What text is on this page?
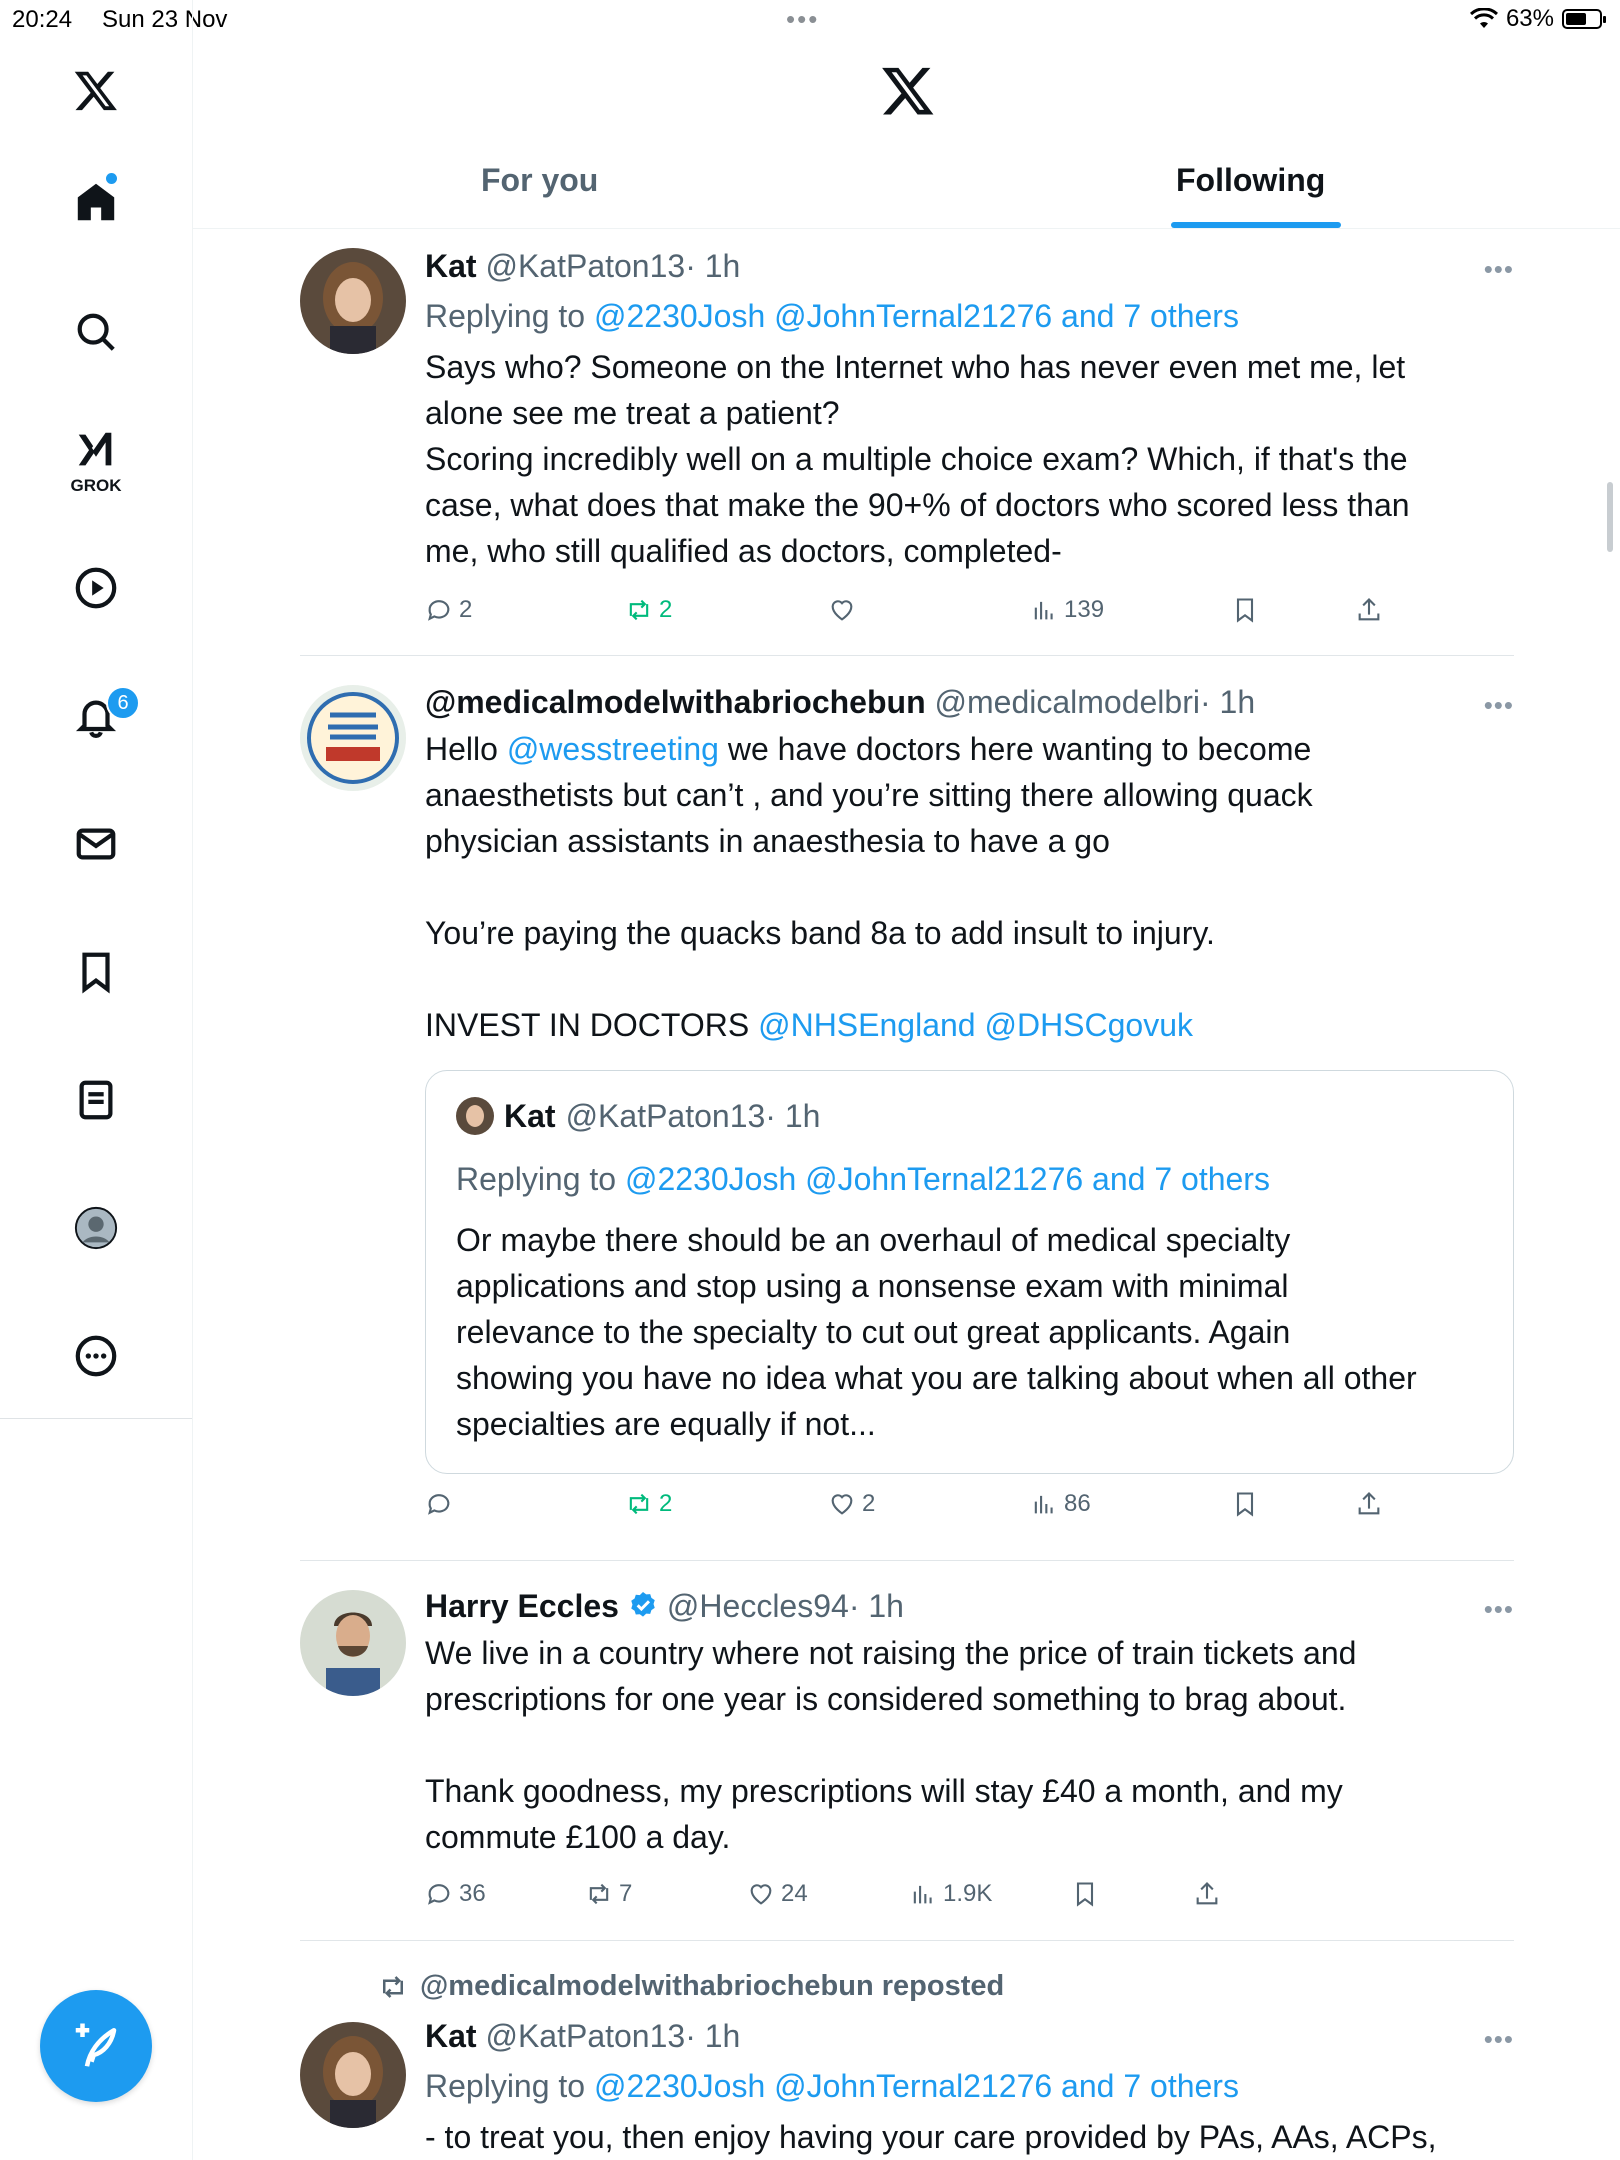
20:24 Sun 23 Nov	•••	63%
GROK
6
For you	Following
Kat @KatPaton13· 1h
Replying to @2230Josh @JohnTernal21276 and 7 others
Says who? Someone on the Internet who has never even met me, let
alone see me treat a patient?
Scoring incredibly well on a multiple choice exam? Which, if that's the
case, what does that make the 90+% of doctors who scored less than
me, who still qualified as doctors, completed-
•••
2	2	139
@medicalmodelwithabriochebun @medicalmodelbri· 1h
Hello @wesstreeting we have doctors here wanting to become
anaesthetists but can’t , and you’re sitting there allowing quack
physician assistants in anaesthesia to have a go
You’re paying the quacks band 8a to add insult to injury.
INVEST IN DOCTORS @NHSEngland @DHSCgovuk
•••
Kat @KatPaton13· 1h
Replying to @2230Josh @JohnTernal21276 and 7 others
Or maybe there should be an overhaul of medical specialty
applications and stop using a nonsense exam with minimal
relevance to the specialty to cut out great applicants. Again
showing you have no idea what you are talking about when all other
specialties are equally if not...
2	2	86
Harry Eccles @Heccles94· 1h
We live in a country where not raising the price of train tickets and
prescriptions for one year is considered something to brag about.
Thank goodness, my prescriptions will stay £40 a month, and my
commute £100 a day.
•••
36	7	24	1.9K
@medicalmodelwithabriochebun reposted
Kat @KatPaton13· 1h
Replying to @2230Josh @JohnTernal21276 and 7 others
- to treat you, then enjoy having your care provided by PAs, AAs, ACPs,
•••
